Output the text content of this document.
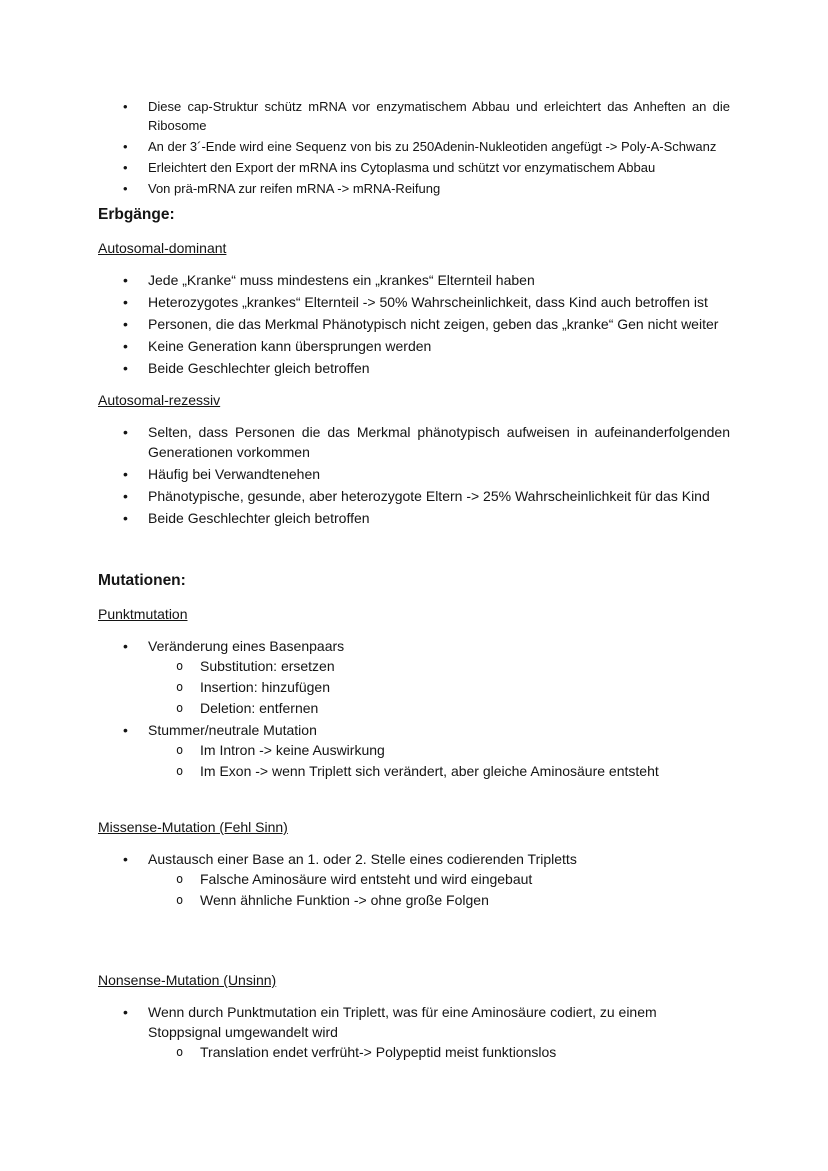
• Diese cap-Struktur schütz mRNA vor enzymatischem Abbau und erleichtert das Anheften an die Ribosome
• An der 3´-Ende wird eine Sequenz von bis zu 250Adenin-Nukleotiden angefügt -> Poly-A-Schwanz
• Erleichtert den Export der mRNA ins Cytoplasma und schützt vor enzymatischem Abbau
• Von prä-mRNA zur reifen mRNA -> mRNA-Reifung
Erbgänge:
Autosomal-dominant
• Jede „Kranke“ muss mindestens ein „krankes“ Elternteil haben
• Heterozygotes „krankes“ Elternteil -> 50% Wahrscheinlichkeit, dass Kind auch betroffen ist
• Personen, die das Merkmal Phänotypisch nicht zeigen, geben das „kranke“ Gen nicht weiter
• Keine Generation kann übersprungen werden
• Beide Geschlechter gleich betroffen
Autosomal-rezessiv
• Selten, dass Personen die das Merkmal phänotypisch aufweisen in aufeinanderfolgenden Generationen vorkommen
• Häufig bei Verwandtenehen
• Phänotypische, gesunde, aber heterozygote Eltern -> 25% Wahrscheinlichkeit für das Kind
• Beide Geschlechter gleich betroffen
Mutationen:
Punktmutation
• Veränderung eines Basenpaars
o Substitution: ersetzen
o Insertion: hinzufügen
o Deletion: entfernen
• Stummer/neutrale Mutation
o Im Intron -> keine Auswirkung
o Im Exon -> wenn Triplett sich verändert, aber gleiche Aminosäure entsteht
Missense-Mutation (Fehl Sinn)
• Austausch einer Base an 1. oder 2. Stelle eines codierenden Tripletts
o Falsche Aminosäure wird entsteht und wird eingebaut
o Wenn ähnliche Funktion -> ohne große Folgen
Nonsense-Mutation (Unsinn)
• Wenn durch Punktmutation ein Triplett, was für eine Aminosäure codiert, zu einem Stoppsignal umgewandelt wird
o Translation endet verfrüht-> Polypeptid meist funktionslos
